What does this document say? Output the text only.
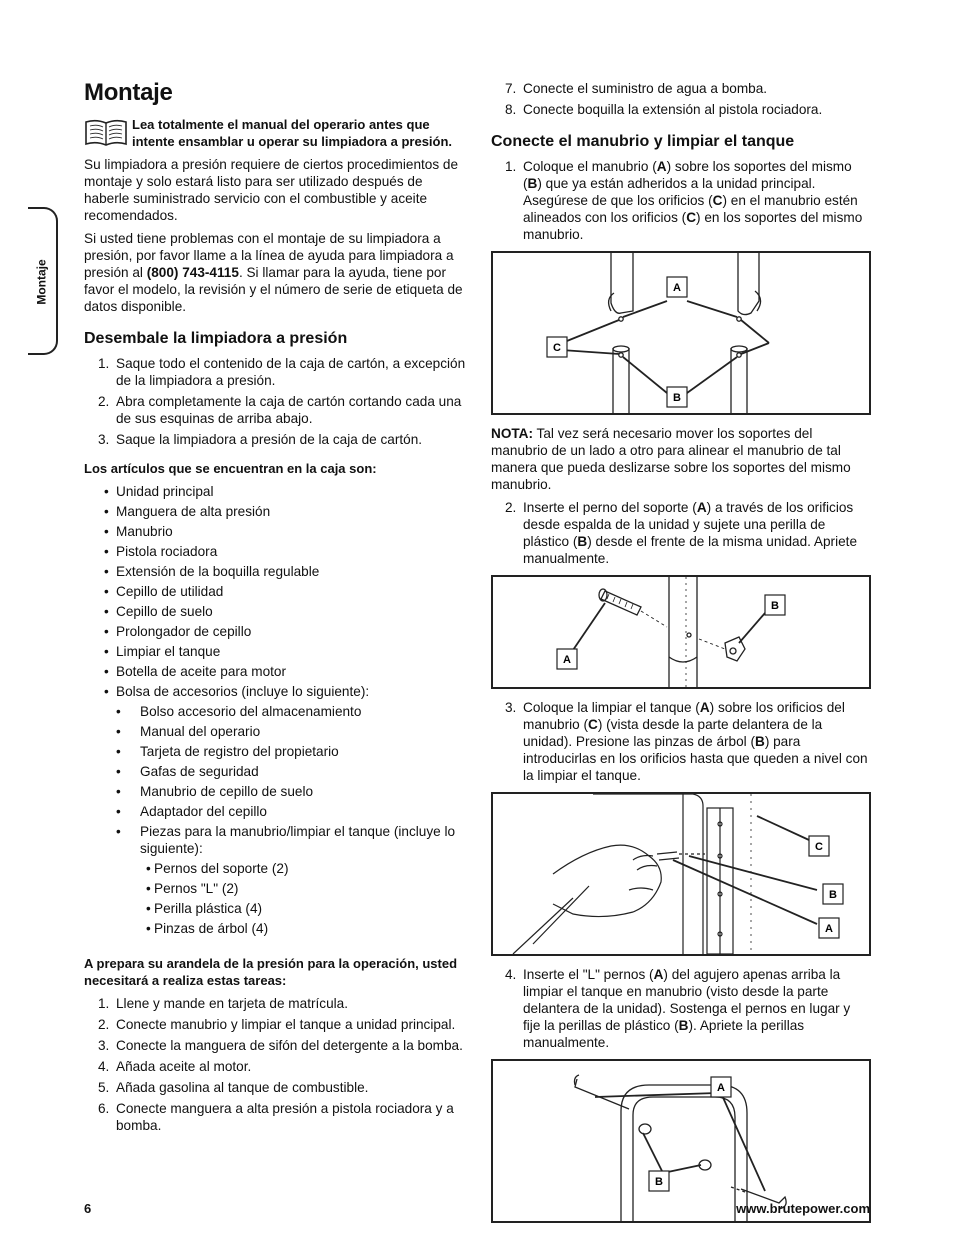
Montaje
Montaje
Lea totalmente el manual del operario antes que intente ensamblar u operar su limpiadora a presión.

Su limpiadora a presión requiere de ciertos procedimientos de montaje y solo estará listo para ser utilizado después de haberle suministrado servicio con el combustible y aceite recomendados.

Si usted tiene problemas con el montaje de su limpiadora a presión, por favor llame a la línea de ayuda para limpiadora a presión al (800) 743-4115. Si llamar para la ayuda, tiene por favor el modelo, la revisión y el número de serie de etiqueta de datos disponible.

Desembale la limpiadora a presión
1. Saque todo el contenido de la caja de cartón, a excepción de la limpiadora a presión.
2. Abra completamente la caja de cartón cortando cada una de sus esquinas de arriba abajo.
3. Saque la limpiadora a presión de la caja de cartón.
Los artículos que se encuentran en la caja son:
• Unidad principal
• Manguera de alta presión
• Manubrio
• Pistola rociadora
• Extensión de la boquilla regulable
• Cepillo de utilidad
• Cepillo de suelo
• Prolongador de cepillo
• Limpiar el tanque
• Botella de aceite para motor
• Bolsa de accesorios (incluye lo siguiente):
•	Bolso accesorio del almacenamiento
•	Manual del operario
•	Tarjeta de registro del propietario
•	Gafas de seguridad
•	Manubrio de cepillo de suelo
•	Adaptador del cepillo
•	Piezas para la manubrio/limpiar el tanque (incluye lo siguiente):
• Pernos del soporte (2)
• Pernos "L" (2)
• Perilla plástica (4)
• Pinzas de árbol (4)
A prepara su arandela de la presión para la operación, usted necesitará a realiza estas tareas:
1. Llene y mande en tarjeta de matrícula.
2. Conecte manubrio y limpiar el tanque a unidad principal.
3. Conecte la manguera de sifón del detergente a la bomba.
4. Añada aceite al motor.
5. Añada gasolina al tanque de combustible.
6. Conecte manguera a alta presión a pistola rociadora y a bomba.
7. Conecte el suministro de agua a bomba.
8. Conecte boquilla la extensión al pistola rociadora.
Conecte el manubrio y limpiar el tanque
1. Coloque el manubrio (A) sobre los soportes del mismo (B) que ya están adheridos a la unidad principal. Asegúrese de que los orificios (C) en el manubrio estén alineados con los orificios (C) en los soportes del mismo manubrio.
A
B
C

NOTA: Tal vez será necesario mover los soportes del manubrio de un lado a otro para alinear el manubrio de tal manera que pueda deslizarse sobre los soportes del mismo manubrio.

2. Inserte el perno del soporte (A) a través de los orificios desde espalda de la unidad y sujete una perilla de plástico (B) desde el frente de la misma unidad. Apriete manualmente.
B
A
3. Coloque la limpiar el tanque (A) sobre los orificios del manubrio (C) (vista desde la parte delantera de la unidad). Presione las pinzas de árbol (B) para introducirlas en los orificios hasta que queden a nivel con la limpiar el tanque.
C
B
A
4. Inserte el "L" pernos (A) del agujero apenas arriba la limpiar el tanque en manubrio (visto desde la parte delantera de la unidad). Sostenga el pernos en lugar y fije la perillas de plástico (B). Apriete la perillas manualmente.
A
B
6	www.brutepower.com
